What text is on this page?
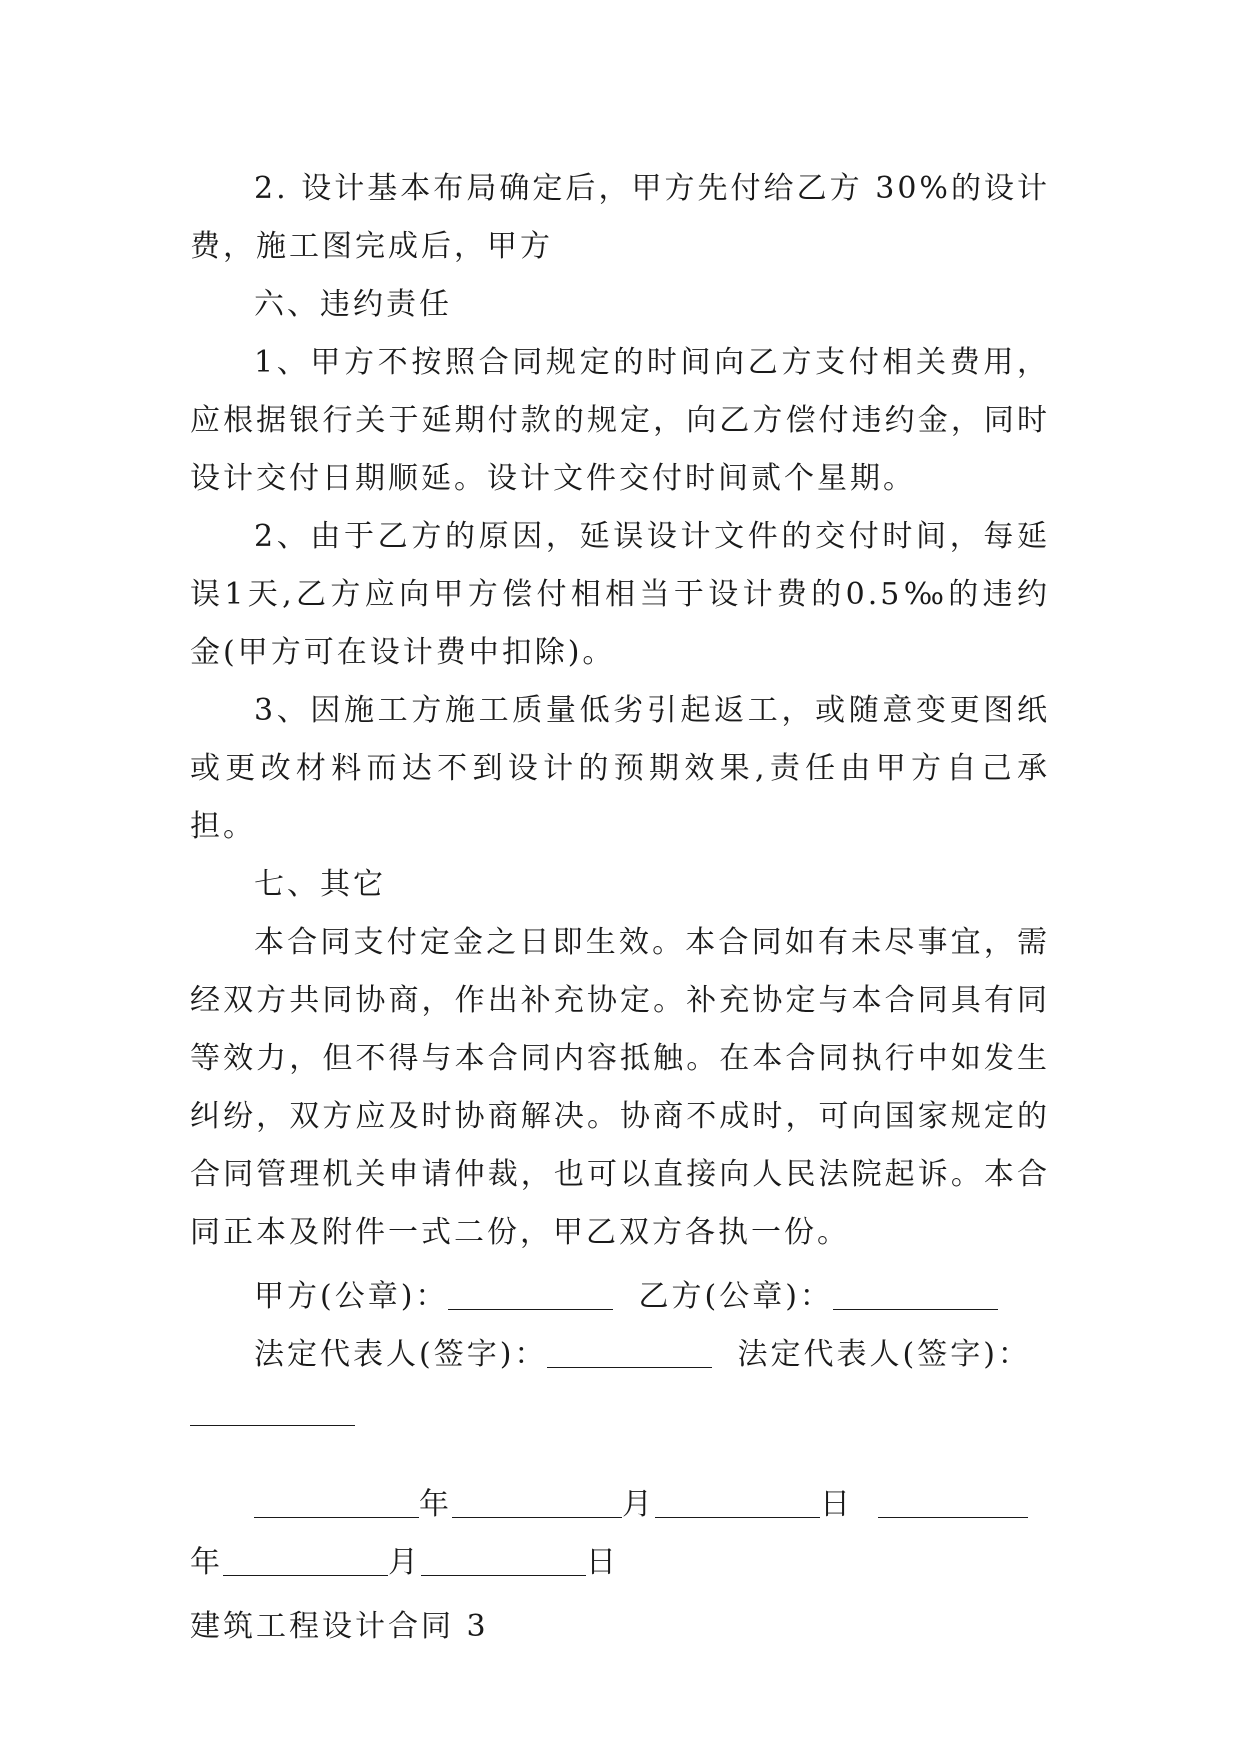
2. 设计基本布局确定后，甲方先付给乙方 30%的设计费，施工图完成后，甲方

六、违约责任

1、甲方不按照合同规定的时间向乙方支付相关费用，应根据银行关于延期付款的规定，向乙方偿付违约金，同时设计交付日期顺延。设计文件交付时间贰个星期。

2、由于乙方的原因，延误设计文件的交付时间，每延误1天,乙方应向甲方偿付相相当于设计费的0.5‰的违约金(甲方可在设计费中扣除)。

3、因施工方施工质量低劣引起返工，或随意变更图纸或更改材料而达不到设计的预期效果,责任由甲方自己承担。

七、其它

本合同支付定金之日即生效。本合同如有未尽事宜，需经双方共同协商，作出补充协定。补充协定与本合同具有同等效力，但不得与本合同内容抵触。在本合同执行中如发生纠纷，双方应及时协商解决。协商不成时，可向国家规定的合同管理机关申请仲裁，也可以直接向人民法院起诉。本合同正本及附件一式二份，甲乙双方各执一份。

甲方(公章)：	乙方(公章)：

法定代表人(签字)：	法定代表人(签字)：

年	月	日

年	月	日

建筑工程设计合同 3
